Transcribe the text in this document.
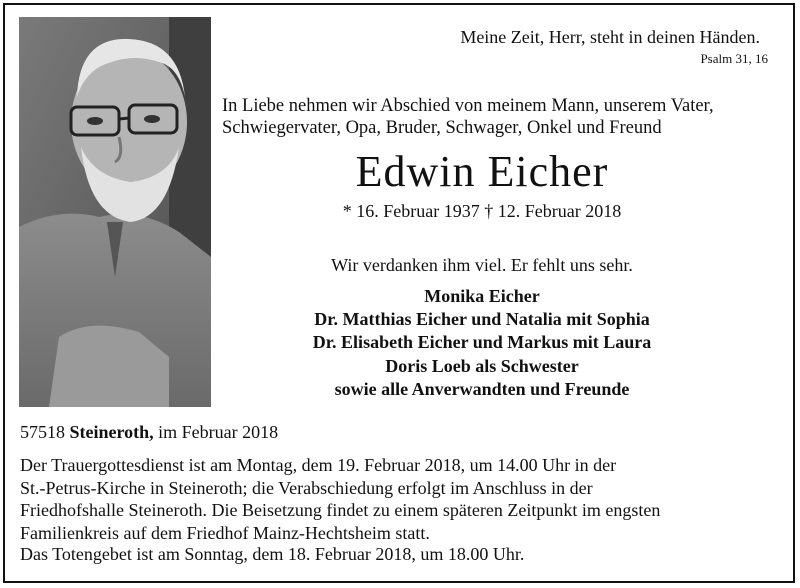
Meine Zeit, Herr, steht in deinen Händen.
Psalm 31, 16
In Liebe nehmen wir Abschied von meinem Mann, unserem Vater,
Schwiegervater, Opa, Bruder, Schwager, Onkel und Freund
Edwin Eicher
* 16. Februar 1937 † 12. Februar 2018
Wir verdanken ihm viel. Er fehlt uns sehr.
Monika Eicher
Dr. Matthias Eicher und Natalia mit Sophia
Dr. Elisabeth Eicher und Markus mit Laura
Doris Loeb als Schwester
sowie alle Anverwandten und Freunde
57518 Steineroth, im Februar 2018
Der Trauergottesdienst ist am Montag, dem 19. Februar 2018, um 14.00 Uhr in der
St.-Petrus-Kirche in Steineroth; die Verabschiedung erfolgt im Anschluss in der
Friedhofshalle Steineroth. Die Beisetzung findet zu einem späteren Zeitpunkt im engsten
Familienkreis auf dem Friedhof Mainz-Hechtsheim statt.
Das Totengebet ist am Sonntag, dem 18. Februar 2018, um 18.00 Uhr.
